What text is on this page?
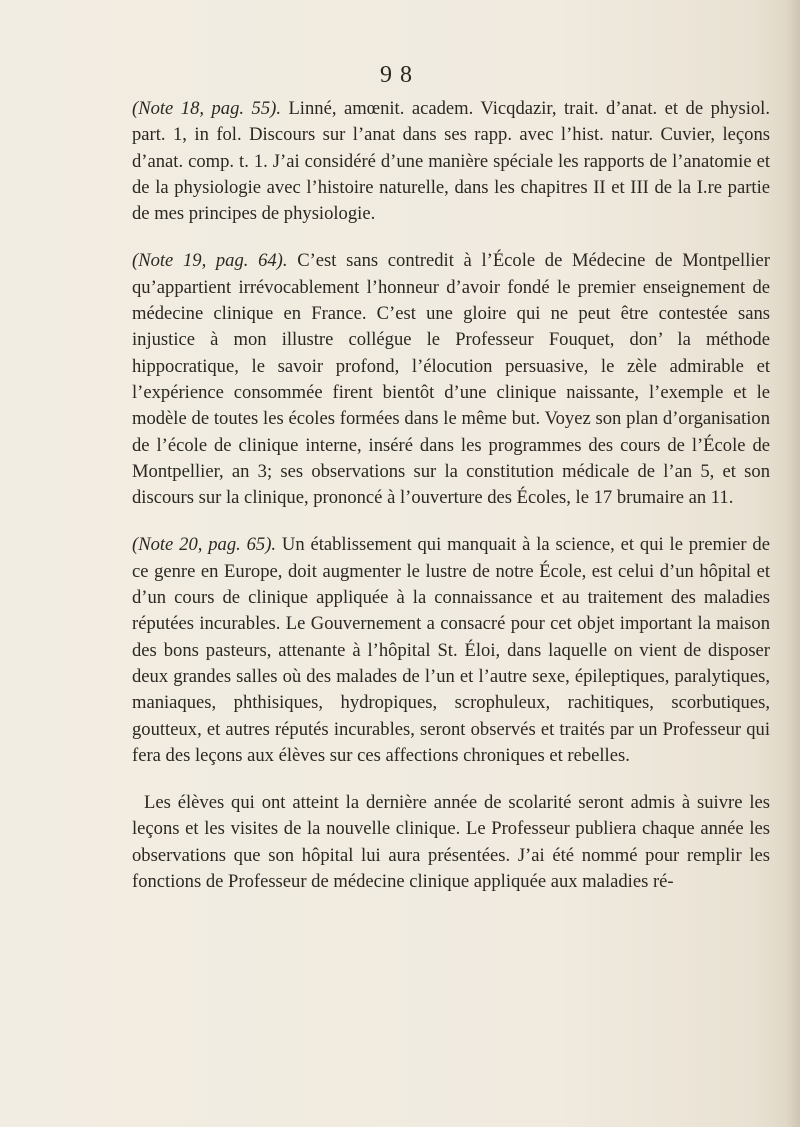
9 8

(Note 18, pag. 55). Linné, amœnit. academ. Vicqdazir, trait. d’anat. et de physiol. part. 1, in fol. Discours sur l’anat dans ses rapp. avec l’hist. natur. Cuvier, leçons d’anat. comp. t. 1. J’ai considéré d’une manière spéciale les rapports de l’anatomie et de la physiologie avec l’histoire naturelle, dans les chapitres II et III de la I.re partie de mes principes de physiologie.

(Note 19, pag. 64). C’est sans contredit à l’École de Médecine de Montpellier qu’appartient irrévocablement l’honneur d’avoir fondé le premier enseignement de médecine clinique en France. C’est une gloire qui ne peut être contestée sans injustice à mon illustre collégue le Professeur Fouquet, don’ la méthode hippocratique, le savoir profond, l’élocution persuasive, le zèle admirable et l’expérience consommée firent bientôt d’une clinique naissante, l’exemple et le modèle de toutes les écoles formées dans le même but. Voyez son plan d’organisation de l’école de clinique interne, inséré dans les programmes des cours de l’École de Montpellier, an 3; ses observations sur la constitution médicale de l’an 5, et son discours sur la clinique, prononcé à l’ouverture des Écoles, le 17 brumaire an 11.

(Note 20, pag. 65). Un établissement qui manquait à la science, et qui le premier de ce genre en Europe, doit augmenter le lustre de notre École, est celui d’un hôpital et d’un cours de clinique appliquée à la connaissance et au traitement des maladies réputées incurables. Le Gouvernement a consacré pour cet objet important la maison des bons pasteurs, attenante à l’hôpital St. Éloi, dans laquelle on vient de disposer deux grandes salles où des malades de l’un et l’autre sexe, épileptiques, paralytiques, maniaques, phthisiques, hydropiques, scrophuleux, rachitiques, scorbutiques, goutteux, et autres réputés incurables, seront observés et traités par un Professeur qui fera des leçons aux élèves sur ces affections chroniques et rebelles.

Les élèves qui ont atteint la dernière année de scolarité seront admis à suivre les leçons et les visites de la nouvelle clinique. Le Professeur publiera chaque année les observations que son hôpital lui aura présentées. J’ai été nommé pour remplir les fonctions de Professeur de médecine clinique appliquée aux maladies ré-
